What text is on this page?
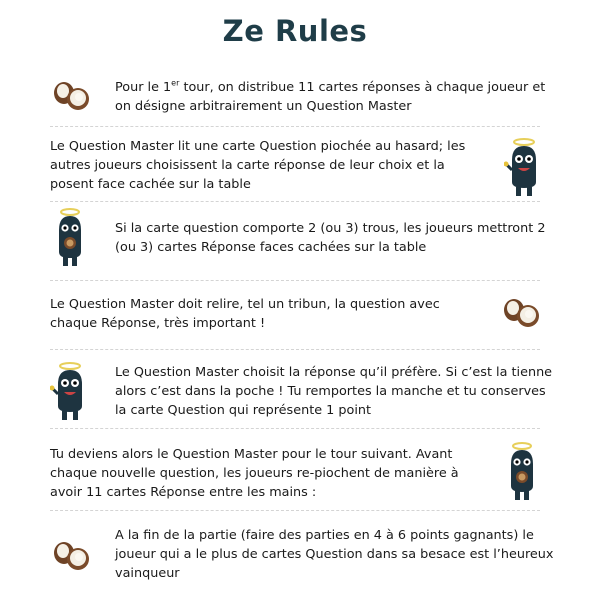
Ze Rules
Pour le 1er tour, on distribue 11 cartes réponses à chaque joueur et
on désigne arbitrairement un Question Master
Le Question Master lit une carte Question piochée au hasard; les
autres joueurs choisissent la carte réponse de leur choix et la
posent face cachée sur la table
Si la carte question comporte 2 (ou 3) trous, les joueurs mettront 2
(ou 3) cartes Réponse faces cachées sur la table
Le Question Master doit relire, tel un tribun, la question avec
chaque Réponse, très important !
Le Question Master choisit la réponse qu’il préfère. Si c’est la tienne
alors c’est dans la poche ! Tu remportes la manche et tu conserves
la carte Question qui représente 1 point
Tu deviens alors le Question Master pour le tour suivant. Avant
chaque nouvelle question, les joueurs re-piochent de manière à
avoir 11 cartes Réponse entre les mains :
A la fin de la partie (faire des parties en 4 à 6 points gagnants) le
joueur qui a le plus de cartes Question dans sa besace est l’heureux
vainqueur
